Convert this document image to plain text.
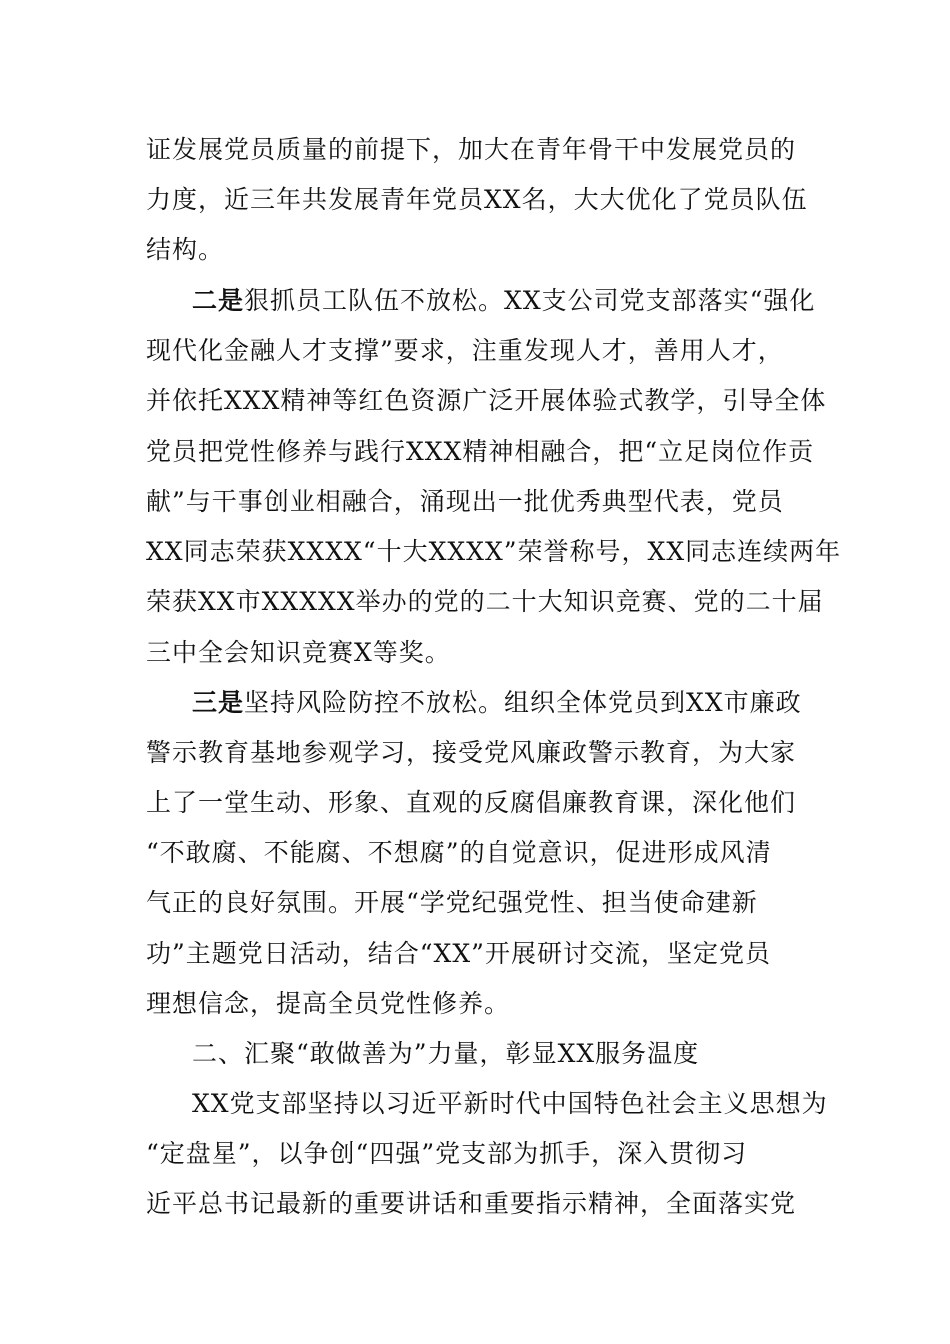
证发展党员质量的前提下，加大在青年骨干中发展党员的
力度，近三年共发展青年党员XX名，大大优化了党员队伍
结构。
二是狠抓员工队伍不放松。XX支公司党支部落实“强化
现代化金融人才支撑”要求，注重发现人才，善用人才，
并依托XXX精神等红色资源广泛开展体验式教学，引导全体
党员把党性修养与践行XXX精神相融合，把“立足岗位作贡
献”与干事创业相融合，涌现出一批优秀典型代表，党员
XX同志荣获XXXX“十大XXXX”荣誉称号，XX同志连续两年
荣获XX市XXXXX举办的党的二十大知识竞赛、党的二十届
三中全会知识竞赛X等奖。
三是坚持风险防控不放松。组织全体党员到XX市廉政
警示教育基地参观学习，接受党风廉政警示教育，为大家
上了一堂生动、形象、直观的反腐倡廉教育课，深化他们
“不敢腐、不能腐、不想腐”的自觉意识，促进形成风清
气正的良好氛围。开展“学党纪强党性、担当使命建新
功”主题党日活动，结合“XX”开展研讨交流，坚定党员
理想信念，提高全员党性修养。
二、汇聚“敢做善为”力量，彰显XX服务温度
XX党支部坚持以习近平新时代中国特色社会主义思想为
“定盘星”，以争创“四强”党支部为抓手，深入贯彻习
近平总书记最新的重要讲话和重要指示精神，全面落实党
